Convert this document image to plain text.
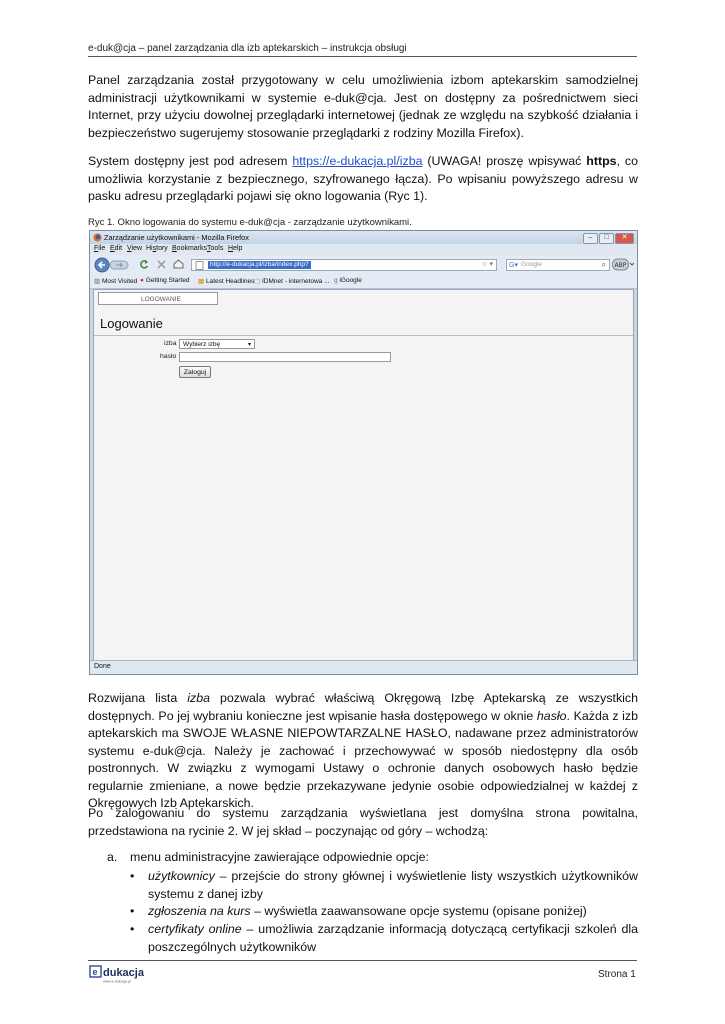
e-duk@cja – panel zarządzania dla izb aptekarskich – instrukcja obsługi
Panel zarządzania został przygotowany w celu umożliwienia izbom aptekarskim samodzielnej administracji użytkownikami w systemie e-duk@cja. Jest on dostępny za pośrednictwem sieci Internet, przy użyciu dowolnej przeglądarki internetowej (jednak ze względu na szybkość działania i bezpieczeństwo sugerujemy stosowanie przeglądarki z rodziny Mozilla Firefox).
System dostępny jest pod adresem https://e-dukacja.pl/izba (UWAGA! proszę wpisywać https, co umożliwia korzystanie z bezpiecznego, szyfrowanego łącza). Po wpisaniu powyższego adresu w pasku adresu przeglądarki pojawi się okno logowania (Ryc 1).
Ryc 1. Okno logowania do systemu e-duk@cja - zarządzanie użytkownikami.
Zarządzanie użytkownikami - Mozilla Firefox	–	□	✕
File Edit View History Bookmarks Tools Help
http://e-dukacja.pl/izba/index.php?	☆ ▾ G▾ Google	⌕ ABP
▥ Most Visited ● Getting Started ▦ Latest Headlines ▢ IDMnet - internetowa ... g iGoogle
LOGOWANIE
Logowanie
izba	Wybierz izbę	▾
hasło
Zaloguj
Done
Rozwijana lista izba pozwala wybrać właściwą Okręgową Izbę Aptekarską ze wszystkich dostępnych. Po jej wybraniu konieczne jest wpisanie hasła dostępowego w oknie hasło. Każda z izb aptekarskich ma SWOJE WŁASNE NIEPOWTARZALNE HASŁO, nadawane przez administratorów systemu e-duk@cja. Należy je zachować i przechowywać w sposób niedostępny dla osób postronnych. W związku z wymogami Ustawy o ochronie danych osobowych hasło będzie regularnie zmieniane, a nowe będzie przekazywane jedynie osobie odpowiedzialnej w każdej z Okręgowych Izb Aptekarskich.
Po zalogowaniu do systemu zarządzania wyświetlana jest domyślna strona powitalna, przedstawiona na rycinie 2. W jej skład – poczynając od góry – wchodzą:
a. menu administracyjne zawierające odpowiednie opcje:
• użytkownicy – przejście do strony głównej i wyświetlenie listy wszystkich użytkowników systemu z danej izby
• zgłoszenia na kurs – wyświetla zaawansowane opcje systemu (opisane poniżej)
• certyfikaty online – umożliwia zarządzanie informacją dotyczącą certyfikacji szkoleń dla poszczególnych użytkowników
e dukacja
www.e-dukacja.pl
Strona 1
